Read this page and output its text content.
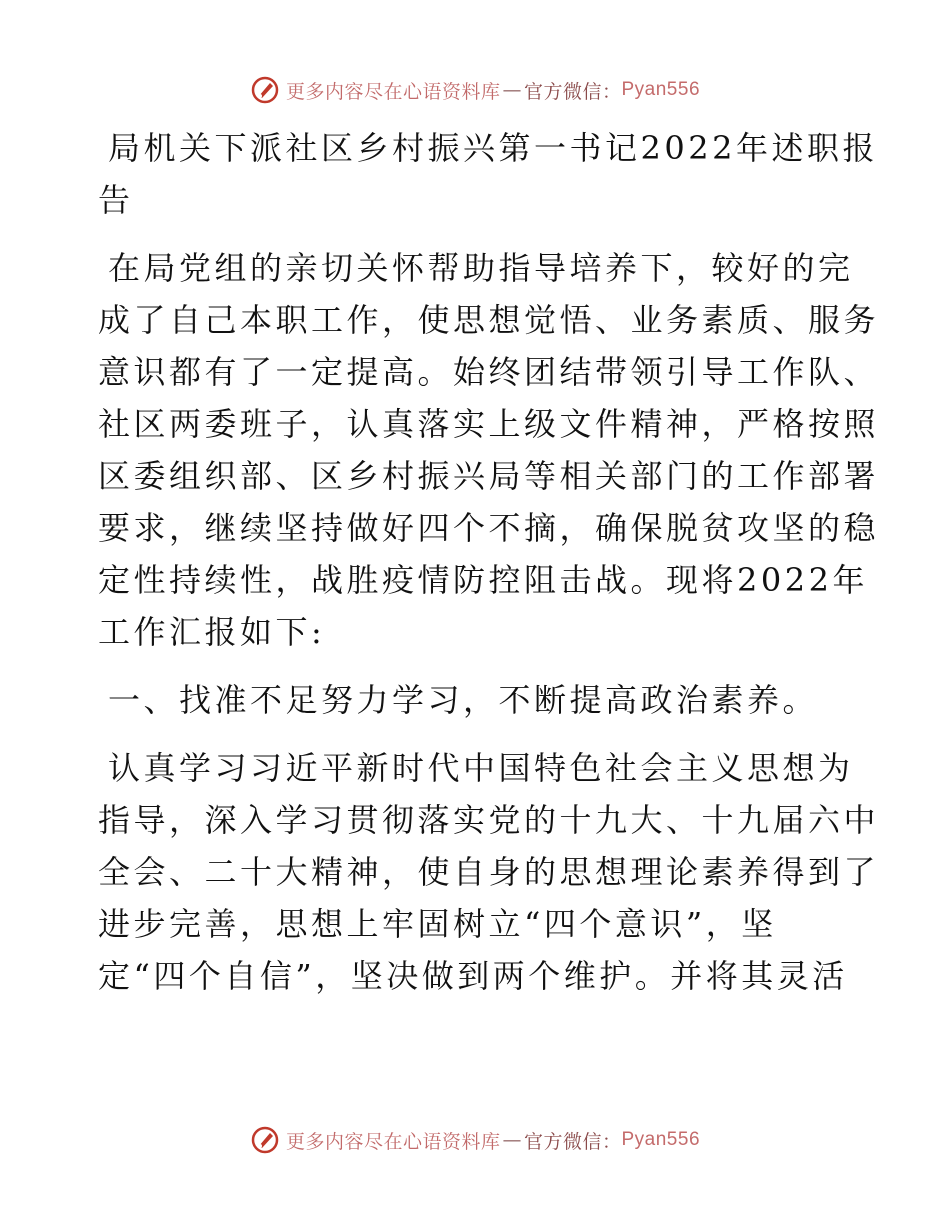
更多内容尽在心语资料库 — 官方微信： Pyan556
局机关下派社区乡村振兴第一书记2022年述职报
告
在局党组的亲切关怀帮助指导培养下，较好的完
成了自己本职工作，使思想觉悟、业务素质、服务
意识都有了一定提高。始终团结带领引导工作队、
社区两委班子，认真落实上级文件精神，严格按照
区委组织部、区乡村振兴局等相关部门的工作部署
要求，继续坚持做好四个不摘，确保脱贫攻坚的稳
定性持续性，战胜疫情防控阻击战。现将2022年
工作汇报如下:
一、找准不足努力学习，不断提高政治素养。
认真学习习近平新时代中国特色社会主义思想为
指导，深入学习贯彻落实党的十九大、十九届六中
全会、二十大精神，使自身的思想理论素养得到了
进步完善，思想上牢固树立“四个意识”，坚
定“四个自信”，坚决做到两个维护。并将其灵活
更多内容尽在心语资料库 — 官方微信： Pyan556
